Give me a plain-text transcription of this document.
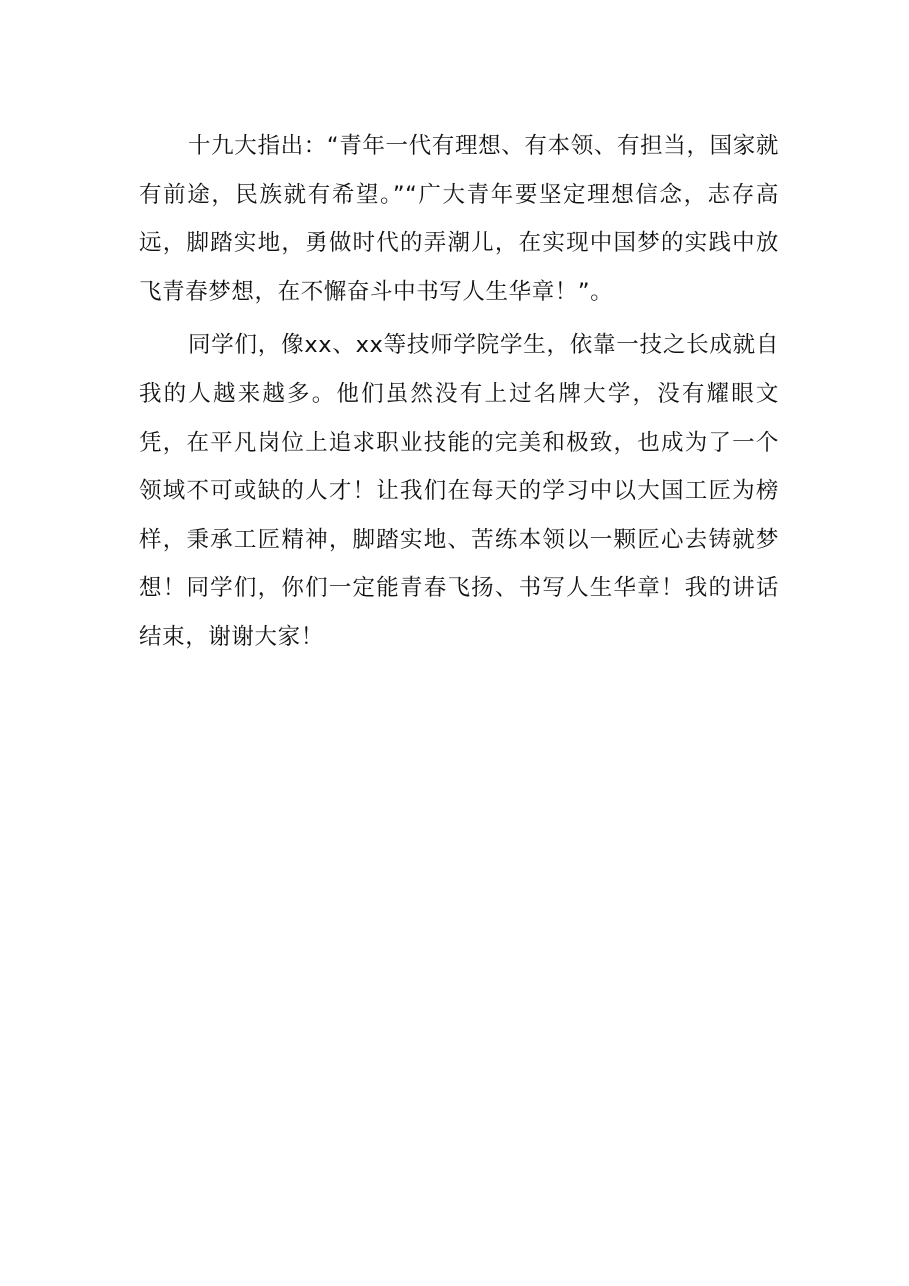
十九大指出：“青年一代有理想、有本领、有担当，国家就有前途，民族就有希望。”“广大青年要坚定理想信念，志存高远，脚踏实地，勇做时代的弄潮儿，在实现中国梦的实践中放飞青春梦想，在不懈奋斗中书写人生华章！”。

同学们，像xx、xx等技师学院学生，依靠一技之长成就自我的人越来越多。他们虽然没有上过名牌大学，没有耀眼文凭，在平凡岗位上追求职业技能的完美和极致，也成为了一个领域不可或缺的人才！让我们在每天的学习中以大国工匠为榜样，秉承工匠精神，脚踏实地、苦练本领以一颗匠心去铸就梦想！同学们，你们一定能青春飞扬、书写人生华章！我的讲话结束，谢谢大家！
